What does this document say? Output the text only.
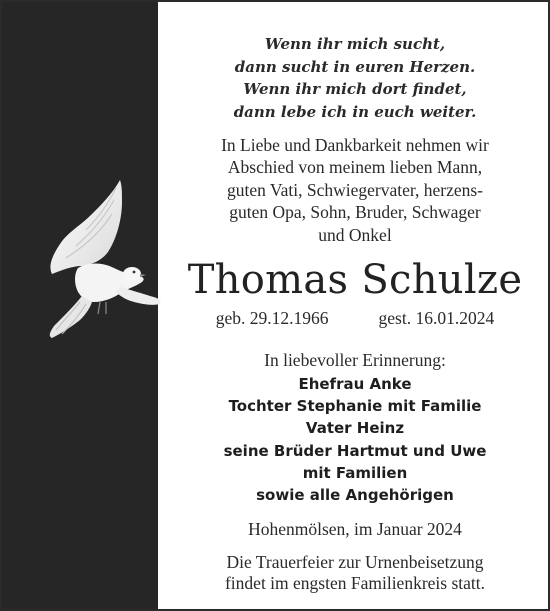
Wenn ihr mich sucht,
dann sucht in euren Herzen.
Wenn ihr mich dort findet,
dann lebe ich in euch weiter.
In Liebe und Dankbarkeit nehmen wir
Abschied von meinem lieben Mann,
guten Vati, Schwiegervater, herzens-
guten Opa, Sohn, Bruder, Schwager
und Onkel
Thomas Schulze
geb. 29.12.1966	gest. 16.01.2024
In liebevoller Erinnerung:
Ehefrau Anke
Tochter Stephanie mit Familie
Vater Heinz
seine Brüder Hartmut und Uwe
mit Familien
sowie alle Angehörigen
Hohenmölsen, im Januar 2024
Die Trauerfeier zur Urnenbeisetzung
findet im engsten Familienkreis statt.
